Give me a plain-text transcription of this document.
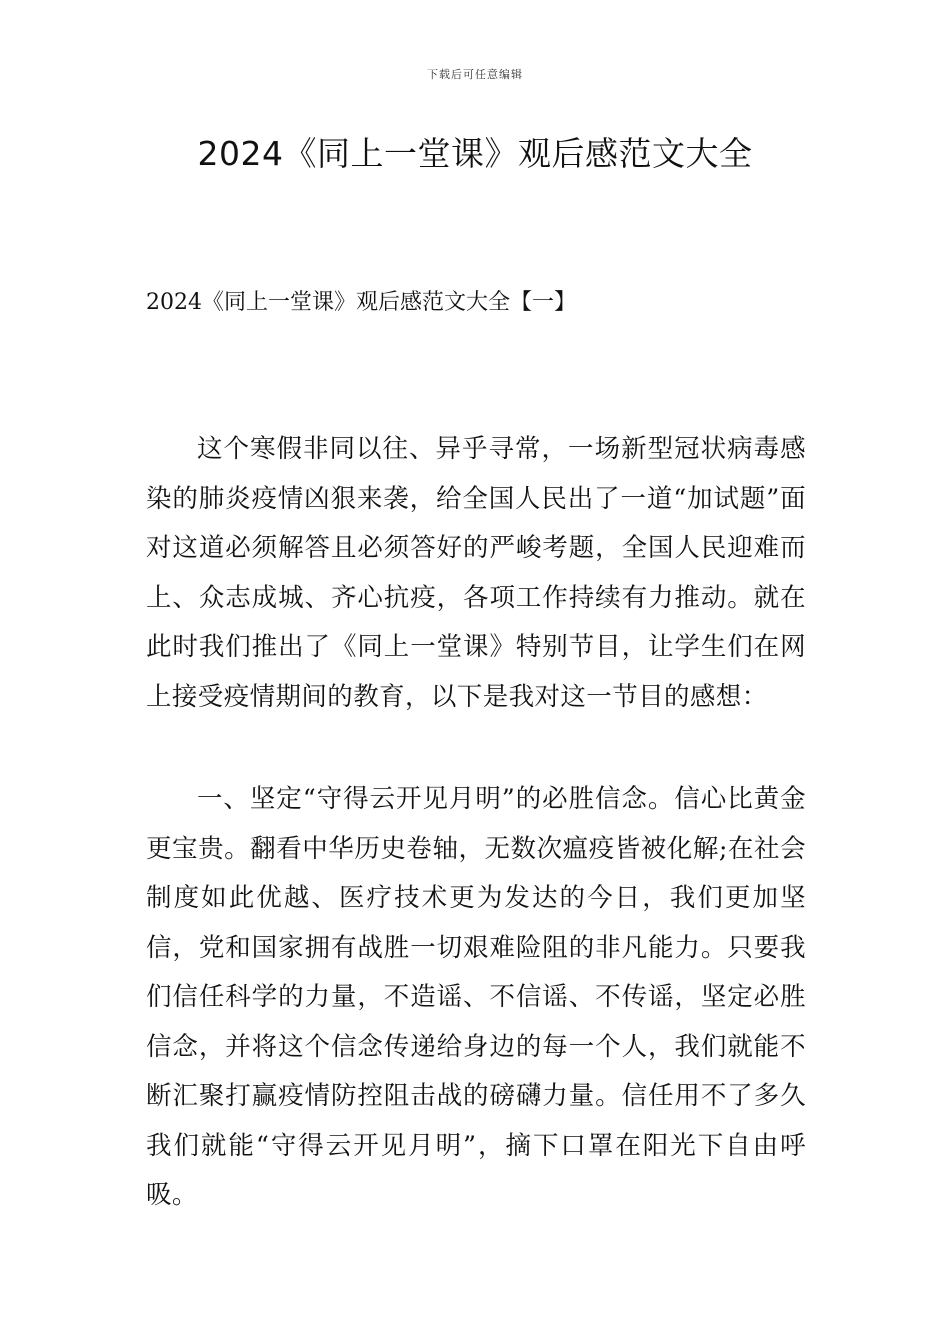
下载后可任意编辑
2024《同上一堂课》观后感范文大全
2024《同上一堂课》观后感范文大全【一】

这个寒假非同以往、异乎寻常，一场新型冠状病毒感染的肺炎疫情凶狠来袭，给全国人民出了一道“加试题”面对这道必须解答且必须答好的严峻考题，全国人民迎难而上、众志成城、齐心抗疫，各项工作持续有力推动。就在此时我们推出了《同上一堂课》特别节目，让学生们在网上接受疫情期间的教育，以下是我对这一节目的感想：

一、坚定“守得云开见月明”的必胜信念。信心比黄金更宝贵。翻看中华历史卷轴，无数次瘟疫皆被化解;在社会制度如此优越、医疗技术更为发达的今日，我们更加坚信，党和国家拥有战胜一切艰难险阻的非凡能力。只要我们信任科学的力量，不造谣、不信谣、不传谣，坚定必胜信念，并将这个信念传递给身边的每一个人，我们就能不断汇聚打赢疫情防控阻击战的磅礴力量。信任用不了多久我们就能“守得云开见月明”，摘下口罩在阳光下自由呼吸。
